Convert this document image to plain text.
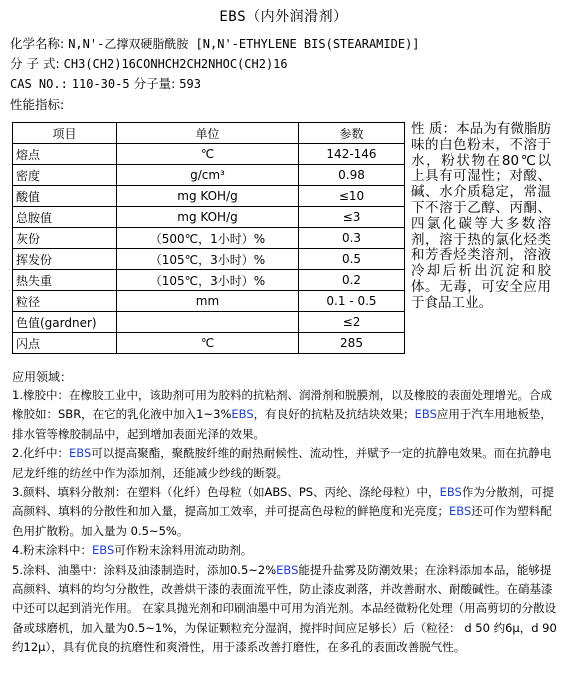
EBS（内外润滑剂）
化学名称: N,N'-乙撑双硬脂酰胺 [N,N'-ETHYLENE BIS(STEARAMIDE)]
分 子 式: CH3(CH2)16CONHCH2CH2NHOC(CH2)16
CAS NO.: 110-30-5 分子量: 593
性能指标:
项目	单位	参数
熔点	℃	142-146
密度	g/cm³	0.98
酸值	mg KOH/g	≤10
总胺值	mg KOH/g	≤3
灰份	（500℃，1小时）%	0.3
挥发份	（105℃，3小时）%	0.5
热失重	（105℃，3小时）%	0.2
粒径	mm	0.1 - 0.5
色值(gardner)		≤2
闪点	℃	285
性 质：本品为有微脂肪味的白色粉末，不溶于水，粉状物在80℃以上具有可湿性；对酸、碱、水介质稳定，常温下不溶于乙醇、丙酮、四氯化碳等大多数溶剂，溶于热的氯化烃类和芳香烃类溶剂，溶液冷却后析出沉淀和胶体。无毒，可安全应用于食品工业。
应用领域：

1.橡胶中：在橡胶工业中，该助剂可用为胶料的抗粘剂、润滑剂和脱膜剂，以及橡胶的表面处理增光。合成橡胶如：SBR，在它的乳化液中加入1~3%EBS，有良好的抗粘及抗结块效果；EBS应用于汽车用地板垫，排水管等橡胶制品中，起到增加表面光泽的效果。

2.化纤中：EBS可以提高聚酯，聚酰胺纤维的耐热耐候性、流动性，并赋予一定的抗静电效果。而在抗静电尼龙纤维的纺丝中作为添加剂，还能减少纱线的断裂。

3.颜料、填料分散剂：在塑料（化纤）色母粒（如ABS、PS、丙纶、涤纶母粒）中，EBS作为分散剂，可提高颜料、填料的分散性和加入量，提高加工效率，并可提高色母粒的鲜艳度和光亮度；EBS还可作为塑料配色用扩散粉。加入量为 0.5~5%。

4.粉末涂料中：EBS可作粉末涂料用流动助剂。

5.涂料、油墨中：涂料及油漆制造时，添加0.5~2%EBS能提升盐雾及防潮效果；在涂料添加本品，能够提高颜料、填料的均匀分散性，改善烘干漆的表面流平性，防止漆皮剥落，并改善耐水、耐酸碱性。在硝基漆中还可以起到消光作用。 在家具抛光剂和印刷油墨中可用为消光剂。本品经微粉化处理（用高剪切的分散设备或球磨机，加入量为0.5~1%，为保证颗粒充分湿润，搅拌时间应足够长）后（粒径： d 50 约6μ，d 90 约12μ），具有优良的抗磨性和爽滑性，用于漆系改善打磨性，在多孔的表面改善脱气性。
